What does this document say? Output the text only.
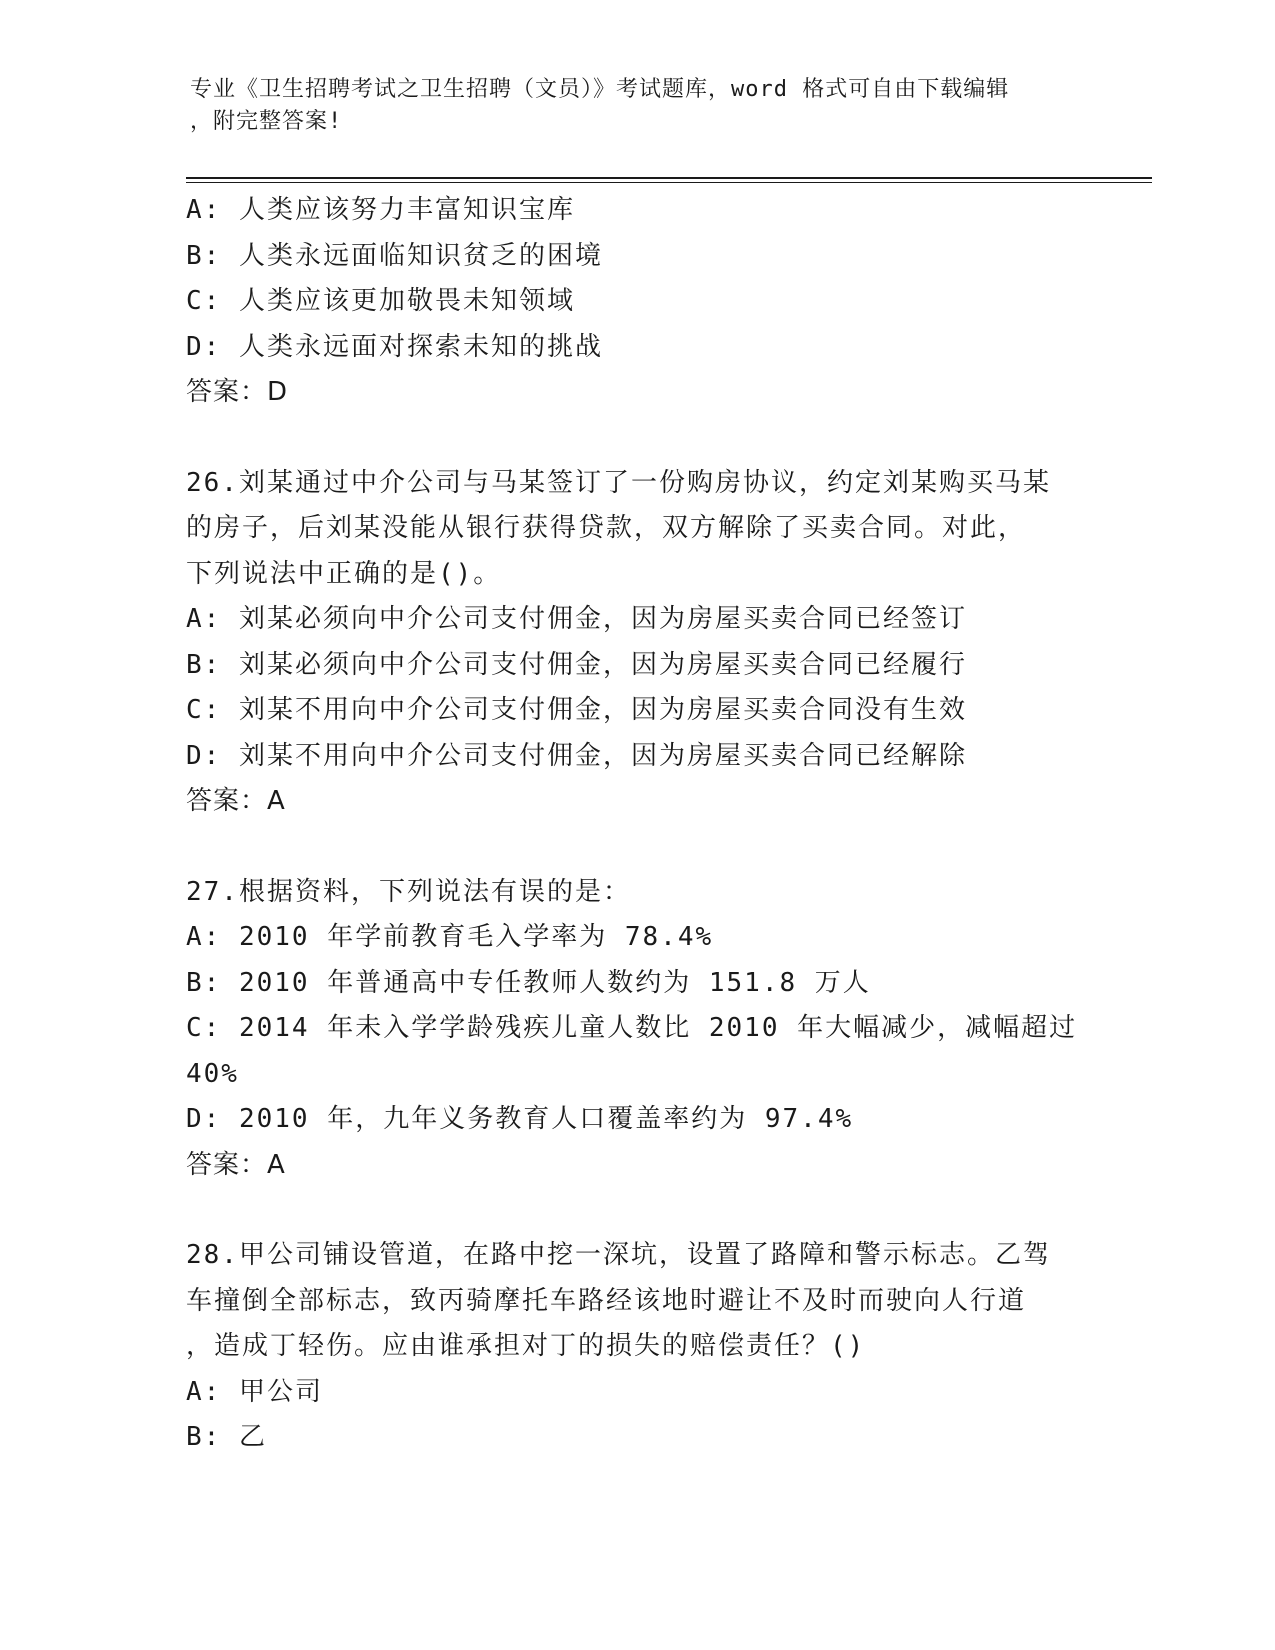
专业《卫生招聘考试之卫生招聘（文员）》考试题库，word 格式可自由下载编辑
，附完整答案!
A: 人类应该努力丰富知识宝库
B: 人类永远面临知识贫乏的困境
C: 人类应该更加敬畏未知领域
D: 人类永远面对探索未知的挑战
答案：D
26.刘某通过中介公司与马某签订了一份购房协议，约定刘某购买马某
的房子，后刘某没能从银行获得贷款，双方解除了买卖合同。对此，
下列说法中正确的是()。
A: 刘某必须向中介公司支付佣金，因为房屋买卖合同已经签订
B: 刘某必须向中介公司支付佣金，因为房屋买卖合同已经履行
C: 刘某不用向中介公司支付佣金，因为房屋买卖合同没有生效
D: 刘某不用向中介公司支付佣金，因为房屋买卖合同已经解除
答案：A
27.根据资料，下列说法有误的是：
A: 2010 年学前教育毛入学率为 78.4%
B: 2010 年普通高中专任教师人数约为 151.8 万人
C: 2014 年未入学学龄残疾儿童人数比 2010 年大幅减少，减幅超过
40%
D: 2010 年，九年义务教育人口覆盖率约为 97.4%
答案：A
28.甲公司铺设管道，在路中挖一深坑，设置了路障和警示标志。乙驾
车撞倒全部标志，致丙骑摩托车路经该地时避让不及时而驶向人行道
，造成丁轻伤。应由谁承担对丁的损失的赔偿责任？()
A: 甲公司
B: 乙
